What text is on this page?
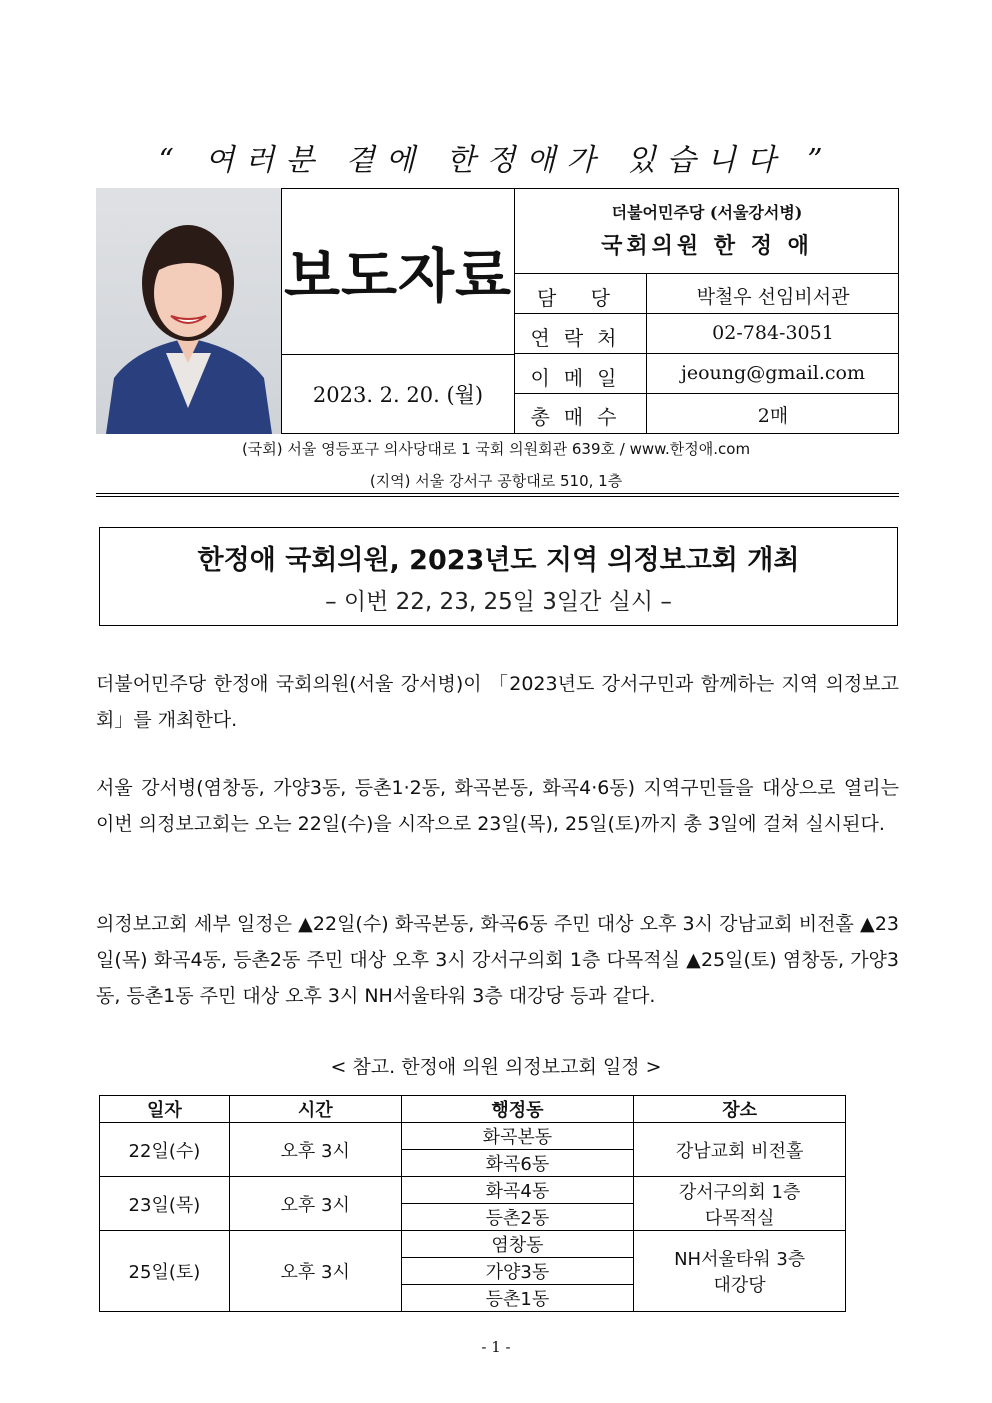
“ 여러분 곁에 한정애가 있습니다 ”
보도자료
2023. 2. 20. (월)
더불어민주당 (서울강서병)
국회의원 한 정 애
담 당	박철우 선임비서관
연락처	02-784-3051
이메일	jeoung@gmail.com
총매수	2매
(국회) 서울 영등포구 의사당대로 1 국회 의원회관 639호 / www.한정애.com
(지역) 서울 강서구 공항대로 510, 1층
한정애 국회의원, 2023년도 지역 의정보고회 개최
– 이번 22, 23, 25일 3일간 실시 –
더불어민주당 한정애 국회의원(서울 강서병)이 「2023년도 강서구민과 함께하는 지역 의정보고회」를 개최한다.
서울 강서병(염창동, 가양3동, 등촌1·2동, 화곡본동, 화곡4·6동) 지역구민들을 대상으로 열리는 이번 의정보고회는 오는 22일(수)을 시작으로 23일(목), 25일(토)까지 총 3일에 걸쳐 실시된다.
의정보고회 세부 일정은 ▲22일(수) 화곡본동, 화곡6동 주민 대상 오후 3시 강남교회 비전홀 ▲23일(목) 화곡4동, 등촌2동 주민 대상 오후 3시 강서구의회 1층 다목적실 ▲25일(토) 염창동, 가양3동, 등촌1동 주민 대상 오후 3시 NH서울타워 3층 대강당 등과 같다.
< 참고. 한정애 의원 의정보고회 일정 >
일자	시간	행정동	장소
22일(수)	오후 3시	화곡본동	강남교회 비전홀
		화곡6동	
23일(목)	오후 3시	화곡4동	강서구의회 1층
다목적실

		등촌2동	
25일(토)	오후 3시	염창동	NH서울타워 3층
대강당

		가양3동	
		등촌1동	
- 1 -
